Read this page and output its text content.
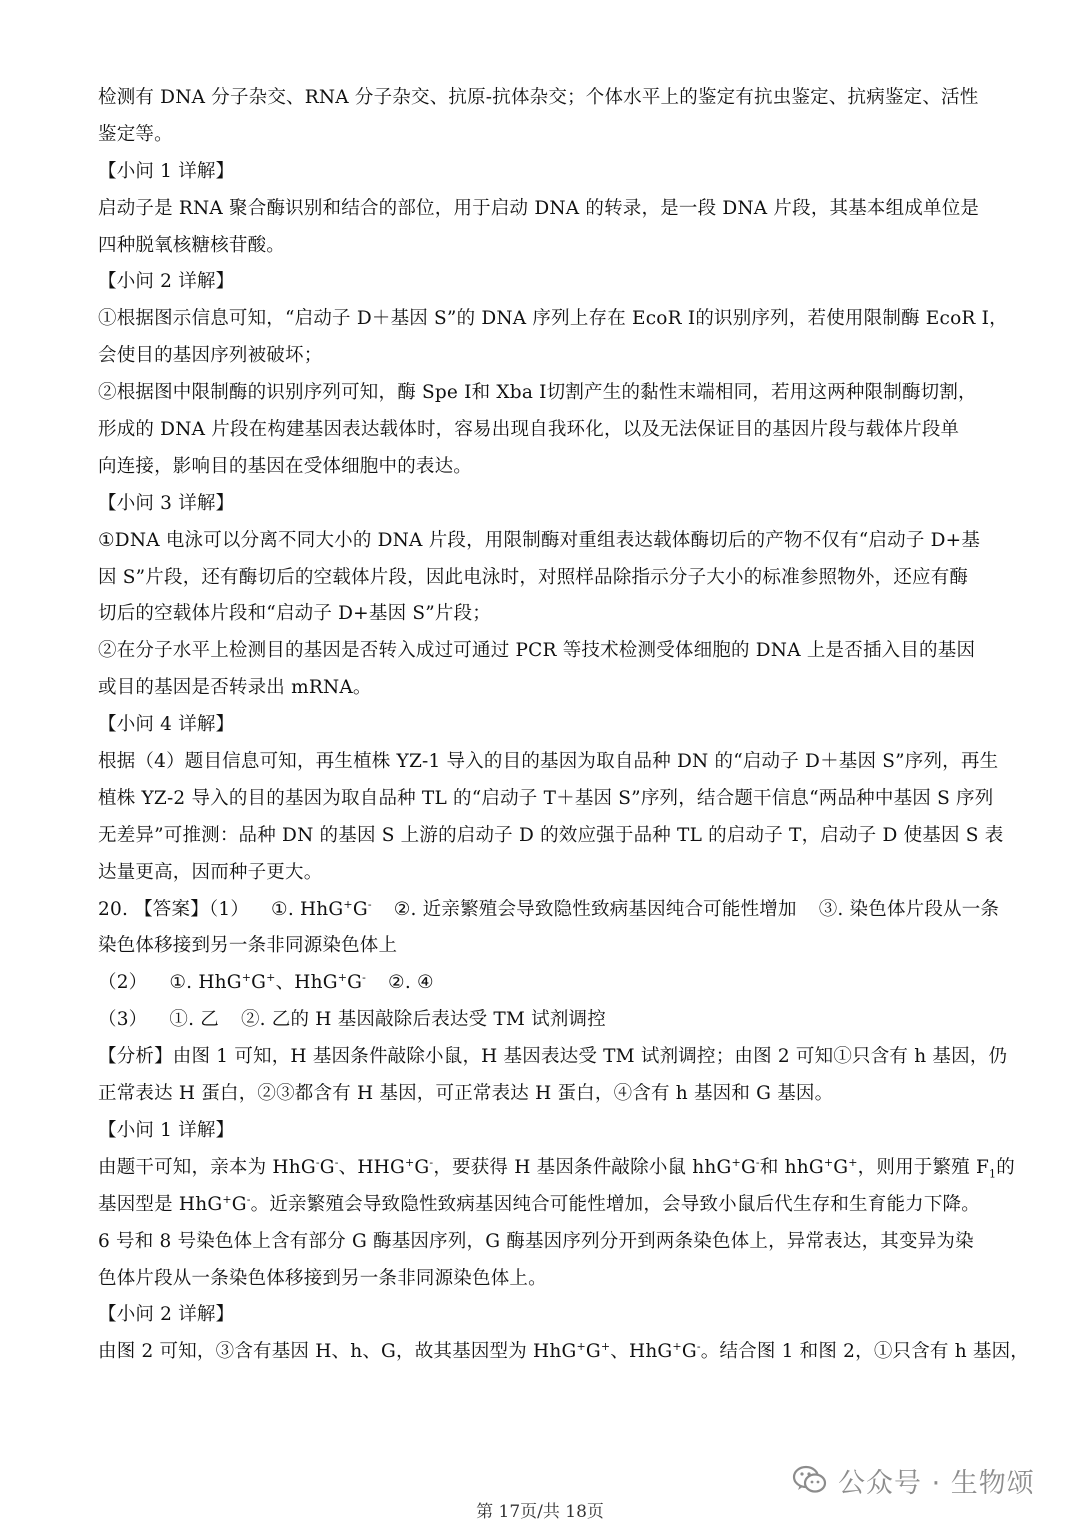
检测有 DNA 分子杂交、RNA 分子杂交、抗原-抗体杂交；个体水平上的鉴定有抗虫鉴定、抗病鉴定、活性
鉴定等。
【小问 1 详解】
启动子是 RNA 聚合酶识别和结合的部位，用于启动 DNA 的转录，是一段 DNA 片段，其基本组成单位是
四种脱氧核糖核苷酸。
【小问 2 详解】
①根据图示信息可知，“启动子 D＋基因 S”的 DNA 序列上存在 EcoR Ⅰ的识别序列，若使用限制酶 EcoR Ⅰ，
会使目的基因序列被破坏；
②根据图中限制酶的识别序列可知，酶 Spe Ⅰ和 Xba Ⅰ切割产生的黏性末端相同，若用这两种限制酶切割，
形成的 DNA 片段在构建基因表达载体时，容易出现自我环化，以及无法保证目的基因片段与载体片段单
向连接，影响目的基因在受体细胞中的表达。
【小问 3 详解】
①DNA 电泳可以分离不同大小的 DNA 片段，用限制酶对重组表达载体酶切后的产物不仅有“启动子 D+基
因 S”片段，还有酶切后的空载体片段，因此电泳时，对照样品除指示分子大小的标准参照物外，还应有酶
切后的空载体片段和“启动子 D+基因 S”片段；
②在分子水平上检测目的基因是否转入成过可通过 PCR 等技术检测受体细胞的 DNA 上是否插入目的基因
或目的基因是否转录出 mRNA。
【小问 4 详解】
根据（4）题目信息可知，再生植株 YZ-1 导入的目的基因为取自品种 DN 的“启动子 D＋基因 S”序列，再生
植株 YZ-2 导入的目的基因为取自品种 TL 的“启动子 T＋基因 S”序列，结合题干信息“两品种中基因 S 序列
无差异”可推测：品种 DN 的基因 S 上游的启动子 D 的效应强于品种 TL 的启动子 T，启动子 D 使基因 S 表
达量更高，因而种子更大。
20. 【答案】（1） ①. HhG+G- ②. 近亲繁殖会导致隐性致病基因纯合可能性增加 ③. 染色体片段从一条
染色体移接到另一条非同源染色体上
（2） ①. HhG+G+、HhG+G- ②. ④
（3） ①. 乙 ②. 乙的 H 基因敲除后表达受 TM 试剂调控
【分析】由图 1 可知，H 基因条件敲除小鼠，H 基因表达受 TM 试剂调控；由图 2 可知①只含有 h 基因，仍
正常表达 H 蛋白，②③都含有 H 基因，可正常表达 H 蛋白，④含有 h 基因和 G 基因。
【小问 1 详解】
由题干可知，亲本为 HhG-G-、HHG+G-，要获得 H 基因条件敲除小鼠 hhG+G-和 hhG+G+，则用于繁殖 $F_1$的
基因型是 HhG+G-。近亲繁殖会导致隐性致病基因纯合可能性增加，会导致小鼠后代生存和生育能力下降。
6 号和 8 号染色体上含有部分 G 酶基因序列，G 酶基因序列分开到两条染色体上，异常表达，其变异为染
色体片段从一条染色体移接到另一条非同源染色体上。
【小问 2 详解】
由图 2 可知，③含有基因 H、h、G，故其基因型为 HhG+G+、HhG+G-。结合图 1 和图 2，①只含有 h 基因，
公众号 · 生物颂
第 17页/共 18页
